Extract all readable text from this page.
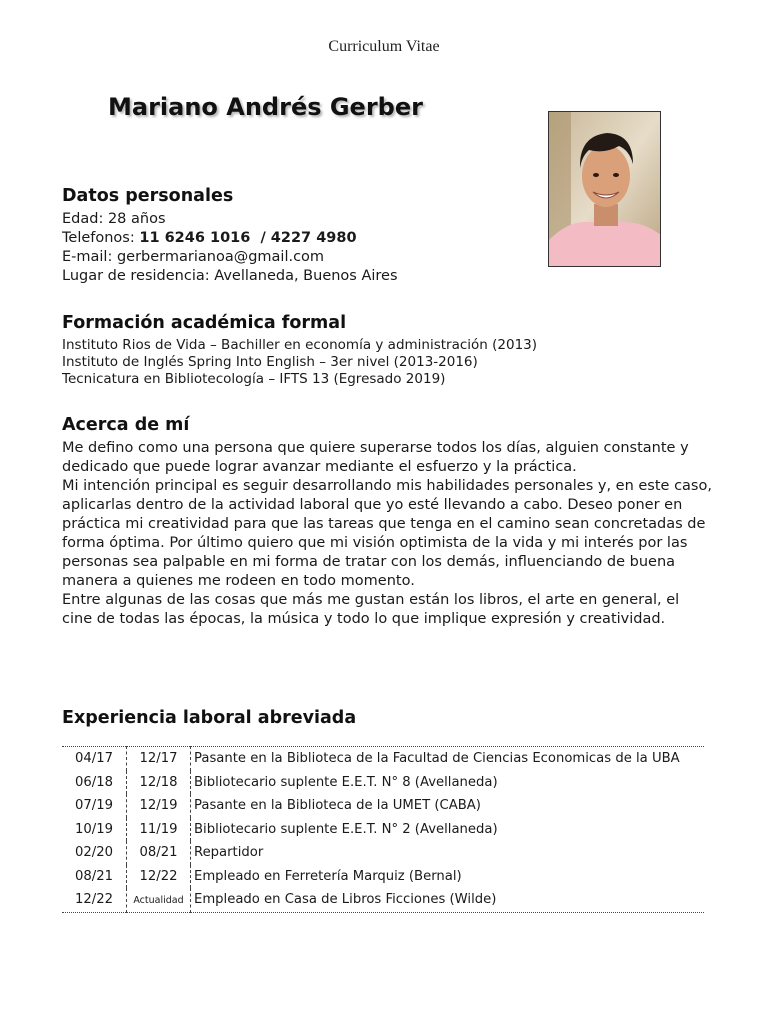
Curriculum Vitae
Mariano Andrés Gerber
Datos personales
Edad: 28 años
Telefonos: 11 6246 1016  / 4227 4980
E-mail: gerbermarianoa@gmail.com
Lugar de residencia: Avellaneda, Buenos Aires
Formación académica formal
Instituto Rios de Vida – Bachiller en economía y administración (2013)
Instituto de Inglés Spring Into English – 3er nivel (2013-2016)
Tecnicatura en Bibliotecología – IFTS 13 (Egresado 2019)
Acerca de mí

Me defino como una persona que quiere superarse todos los días, alguien constante y dedicado que puede lograr avanzar mediante el esfuerzo y la práctica.

Mi intención principal es seguir desarrollando mis habilidades personales y, en este caso, aplicarlas dentro de la actividad laboral que yo esté llevando a cabo. Deseo poner en práctica mi creatividad para que las tareas que tenga en el camino sean concretadas de forma óptima. Por último quiero que mi visión optimista de la vida y mi interés por las personas sea palpable en mi forma de tratar con los demás, influenciando de buena manera a quienes me rodeen en todo momento.

Entre algunas de las cosas que más me gustan están los libros, el arte en general, el cine de todas las épocas, la música y todo lo que implique expresión y creatividad.

Experiencia laboral abreviada
04/17	12/17	Pasante en la Biblioteca de la Facultad de Ciencias Economicas de la UBA
06/18	12/18	Bibliotecario suplente E.E.T. N° 8 (Avellaneda)
07/19	12/19	Pasante en la Biblioteca de la UMET (CABA)
10/19	11/19	Bibliotecario suplente E.E.T. N° 2 (Avellaneda)
02/20	08/21	Repartidor
08/21	12/22	Empleado en Ferretería Marquiz (Bernal)
12/22	Actualidad	Empleado en Casa de Libros Ficciones (Wilde)
